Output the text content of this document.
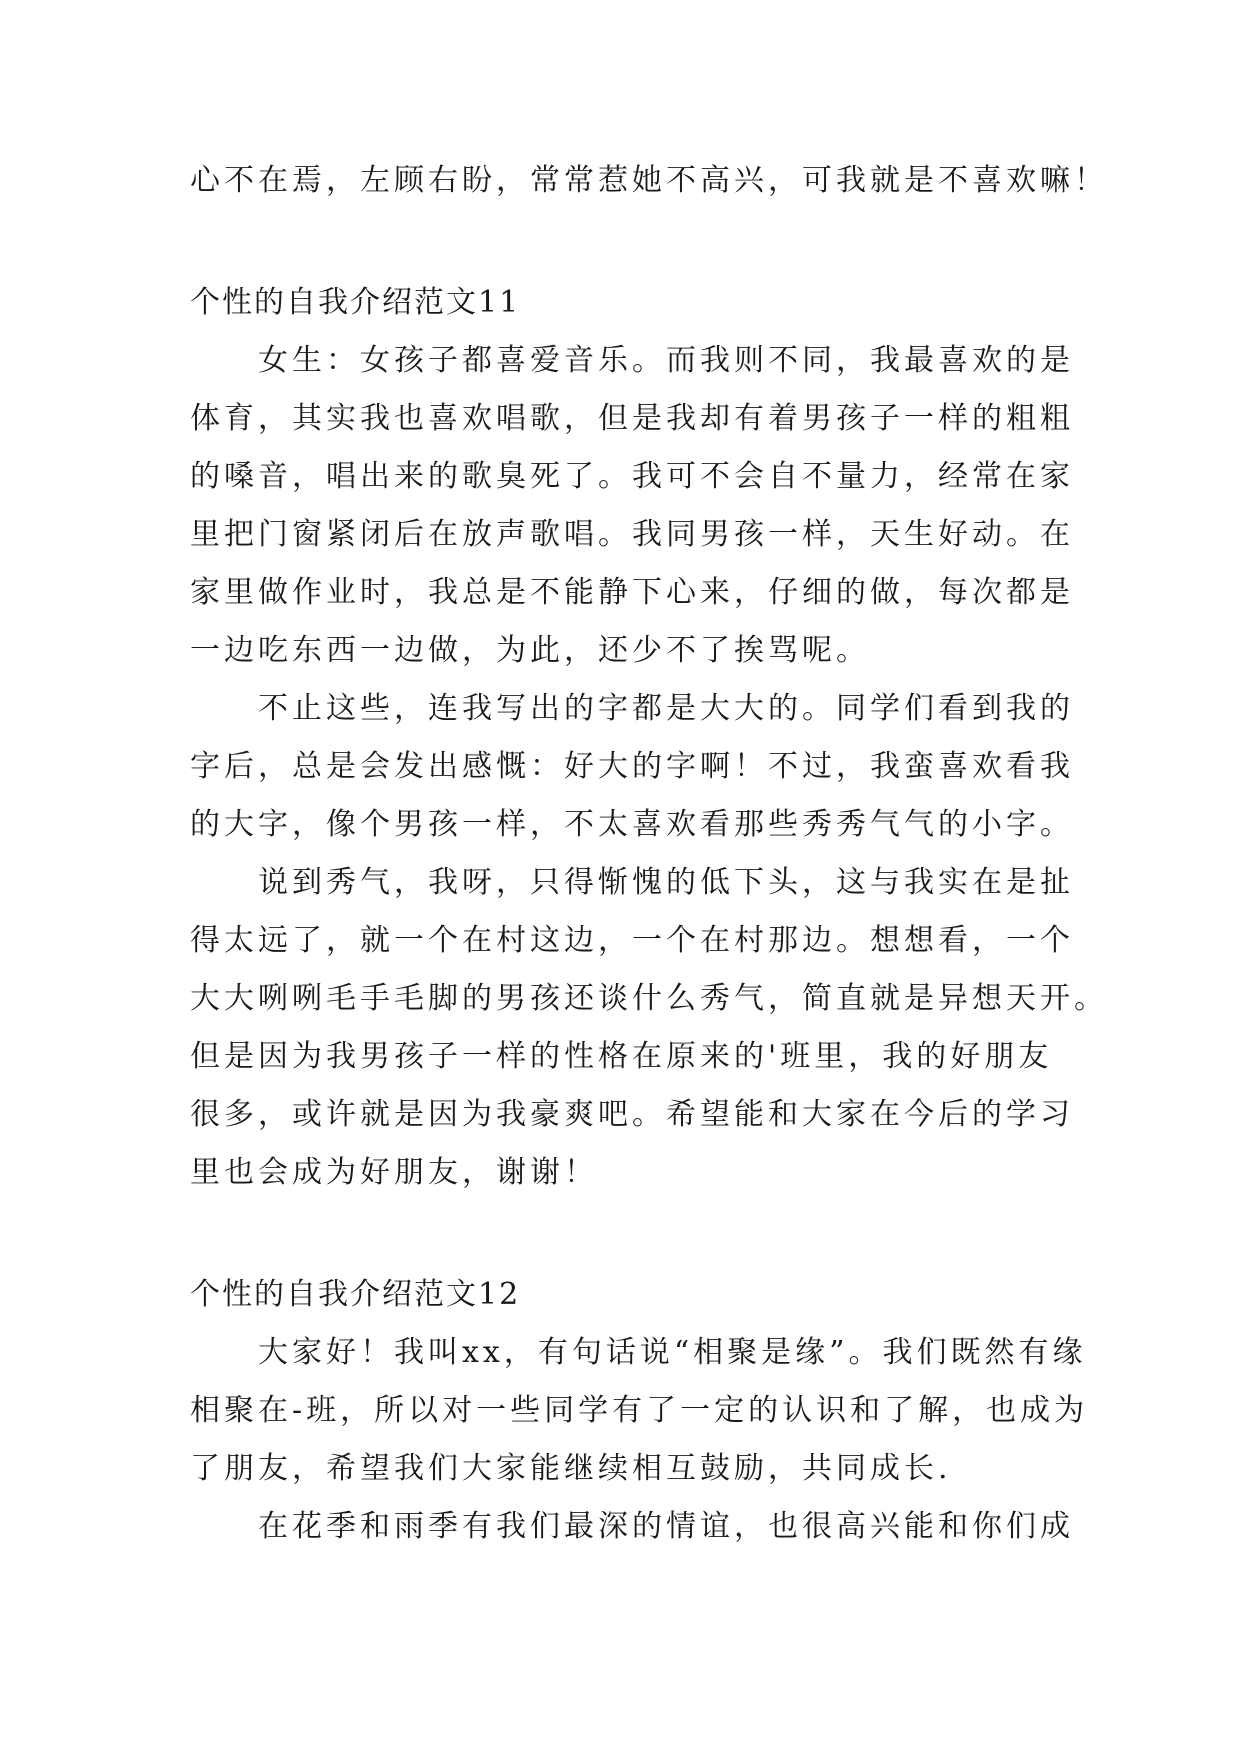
心不在焉，左顾右盼，常常惹她不高兴，可我就是不喜欢嘛！
个性的自我介绍范文11
女生：女孩子都喜爱音乐。而我则不同，我最喜欢的是
体育，其实我也喜欢唱歌，但是我却有着男孩子一样的粗粗
的嗓音，唱出来的歌臭死了。我可不会自不量力，经常在家
里把门窗紧闭后在放声歌唱。我同男孩一样，天生好动。在
家里做作业时，我总是不能静下心来，仔细的做，每次都是
一边吃东西一边做，为此，还少不了挨骂呢。
不止这些，连我写出的字都是大大的。同学们看到我的
字后，总是会发出感慨：好大的字啊！不过，我蛮喜欢看我
的大字，像个男孩一样，不太喜欢看那些秀秀气气的小字。
说到秀气，我呀，只得惭愧的低下头，这与我实在是扯
得太远了，就一个在村这边，一个在村那边。想想看，一个
大大咧咧毛手毛脚的男孩还谈什么秀气，简直就是异想天开。
但是因为我男孩子一样的性格在原来的'班里，我的好朋友
很多，或许就是因为我豪爽吧。希望能和大家在今后的学习
里也会成为好朋友，谢谢！
个性的自我介绍范文12
大家好！我叫xx，有句话说“相聚是缘”。我们既然有缘
相聚在-班，所以对一些同学有了一定的认识和了解，也成为
了朋友，希望我们大家能继续相互鼓励，共同成长.
在花季和雨季有我们最深的情谊，也很高兴能和你们成
